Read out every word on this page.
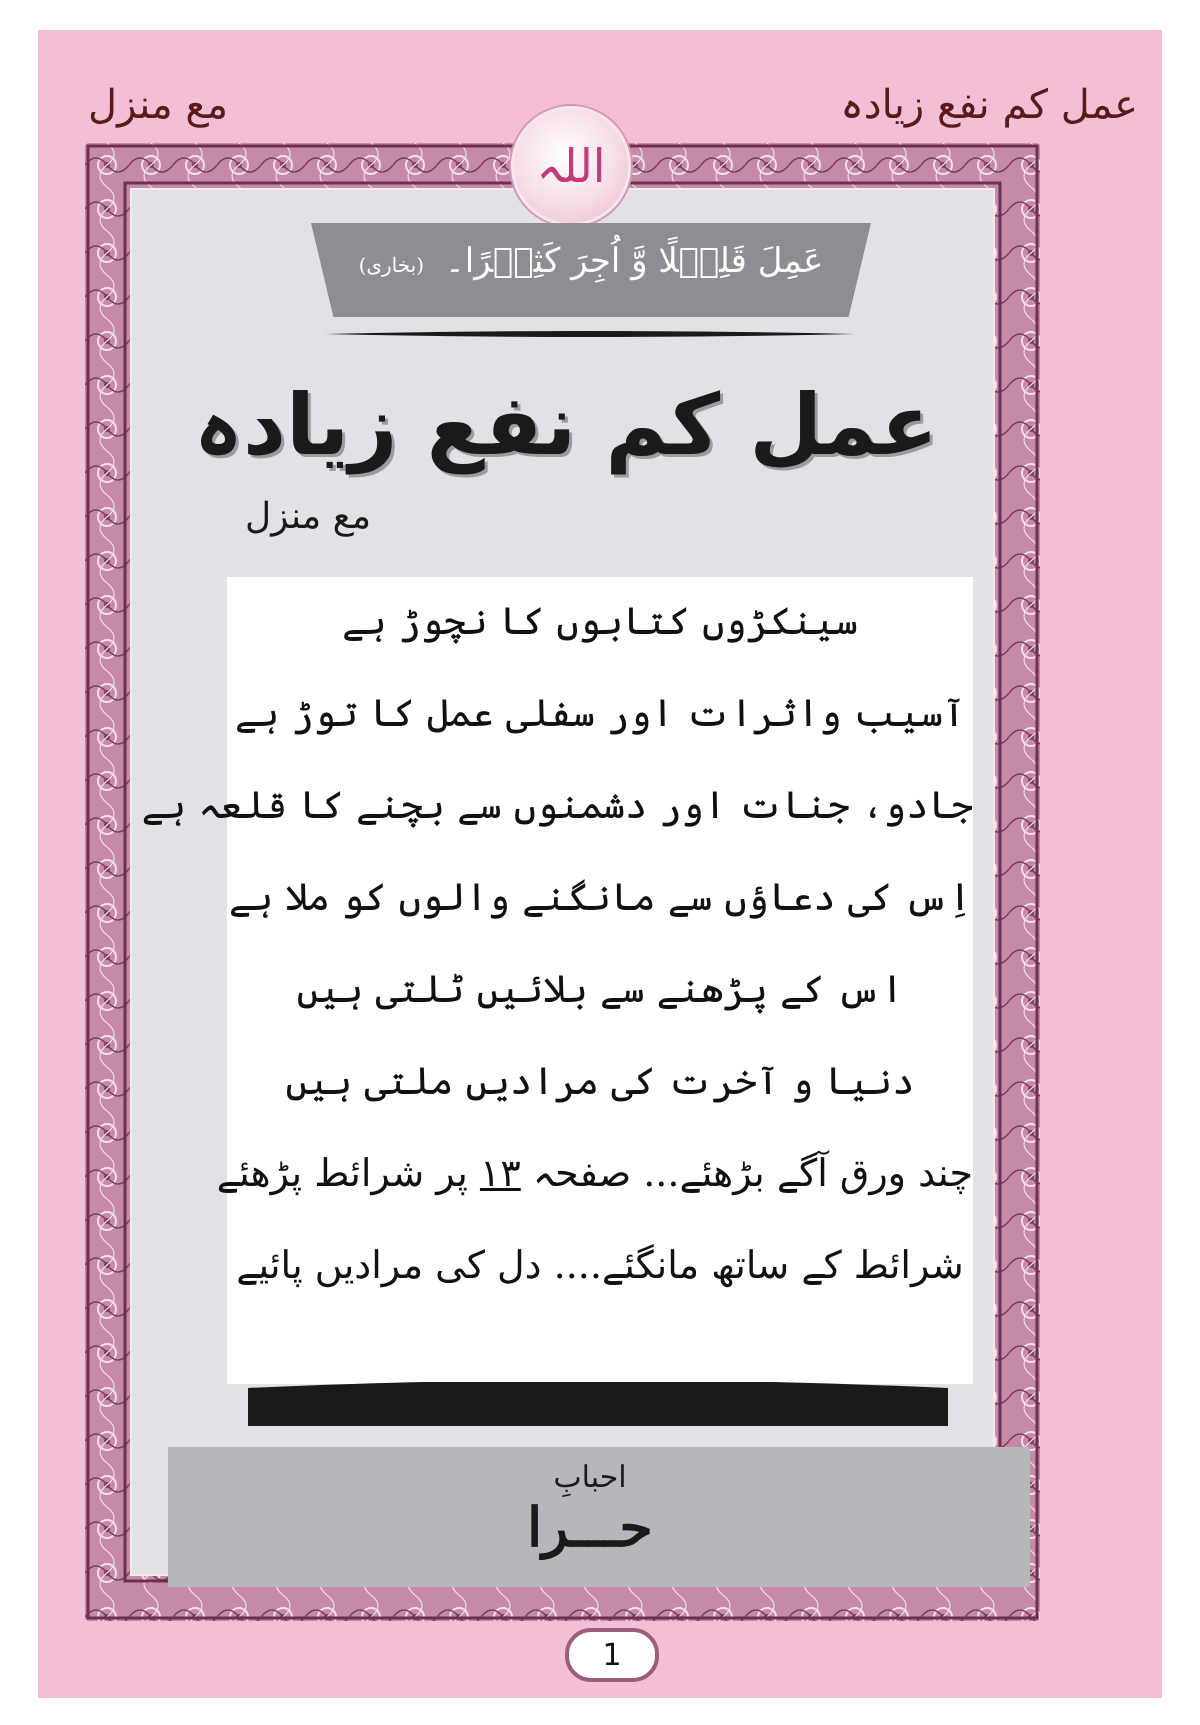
عمل کم نفع زیادہ
مع منزل
اللہ
عَمِلَ قَلِیۡلًا وَّ اُجِرَ کَثِیۡرًا۔ (بخاری)
عمل کم نفع زیادہ
مع منزل
سینکڑوں کتابوں کا نچوڑ ہے
آسیب واثرات اور سفلی عمل کا توڑ ہے
جادو، جنات اور دشمنوں سے بچنے کا قلعہ ہے
اِس کی دعاؤں سے مانگنے والوں کو ملا ہے
اس کے پڑھنے سے بلائیں ٹلتی ہیں
دنیا و آخرت کی مرادیں ملتی ہیں
چند ورق آگے بڑھئے... صفحہ ۱۳ پر شرائط پڑھئے
شرائط کے ساتھ مانگئے.... دل کی مرادیں پائیے
احبابِ
حـــرا
1
